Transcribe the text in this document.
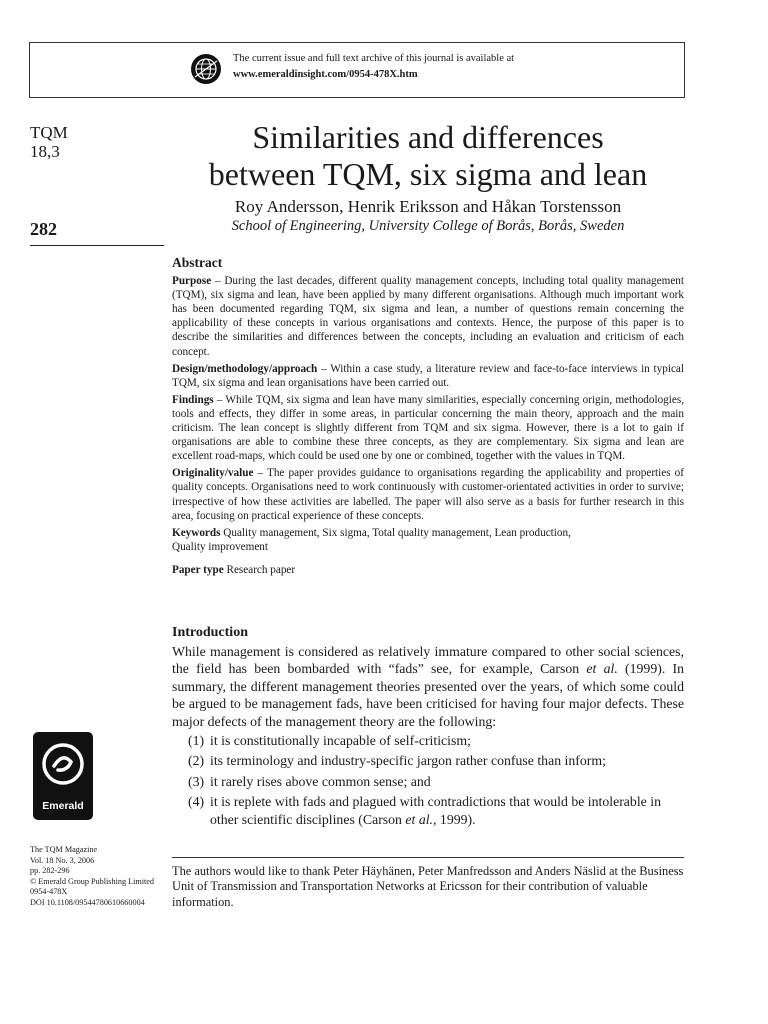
The current issue and full text archive of this journal is available at
www.emeraldinsight.com/0954-478X.htm
TQM
18,3
282
Similarities and differences
between TQM, six sigma and lean
Roy Andersson, Henrik Eriksson and Håkan Torstensson
School of Engineering, University College of Borås, Borås, Sweden
Abstract

Purpose – During the last decades, different quality management concepts, including total quality management (TQM), six sigma and lean, have been applied by many different organisations. Although much important work has been documented regarding TQM, six sigma and lean, a number of questions remain concerning the applicability of these concepts in various organisations and contexts. Hence, the purpose of this paper is to describe the similarities and differences between the concepts, including an evaluation and criticism of each concept.

Design/methodology/approach – Within a case study, a literature review and face-to-face interviews in typical TQM, six sigma and lean organisations have been carried out.

Findings – While TQM, six sigma and lean have many similarities, especially concerning origin, methodologies, tools and effects, they differ in some areas, in particular concerning the main theory, approach and the main criticism. The lean concept is slightly different from TQM and six sigma. However, there is a lot to gain if organisations are able to combine these three concepts, as they are complementary. Six sigma and lean are excellent road-maps, which could be used one by one or combined, together with the values in TQM.

Originality/value – The paper provides guidance to organisations regarding the applicability and properties of quality concepts. Organisations need to work continuously with customer-orientated activities in order to survive; irrespective of how these activities are labelled. The paper will also serve as a basis for further research in this area, focusing on practical experience of these concepts.

Keywords Quality management, Six sigma, Total quality management, Lean production,
Quality improvement

Paper type Research paper

Introduction

While management is considered as relatively immature compared to other social sciences, the field has been bombarded with “fads” see, for example, Carson et al. (1999). In summary, the different management theories presented over the years, of which some could be argued to be management fads, have been criticised for having four major defects. These major defects of the management theory are the following:

(1) it is constitutionally incapable of self-criticism;
(2) its terminology and industry-specific jargon rather confuse than inform;
(3) it rarely rises above common sense; and
(4) it is replete with fads and plagued with contradictions that would be intolerable in other scientific disciplines (Carson et al., 1999).
Emerald
The TQM Magazine
Vol. 18 No. 3, 2006
pp. 282-296
© Emerald Group Publishing Limited
0954-478X
DOI 10.1108/09544780610660004
The authors would like to thank Peter Häyhänen, Peter Manfredsson and Anders Näslid at the Business Unit of Transmission and Transportation Networks at Ericsson for their contribution of valuable information.
